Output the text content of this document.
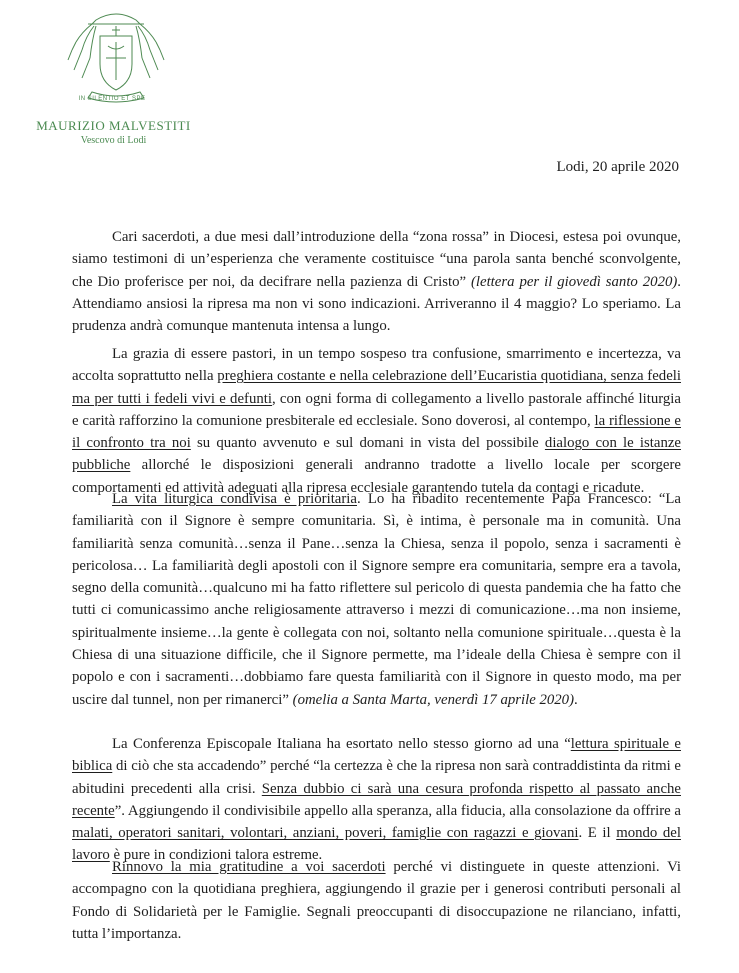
IN SILENTIO ET SPE
MAURIZIO MALVESTITI
Vescovo di Lodi
Lodi, 20 aprile 2020

Cari sacerdoti, a due mesi dall’introduzione della “zona rossa” in Diocesi, estesa poi ovunque, siamo testimoni di un’esperienza che veramente costituisce “una parola santa benché sconvolgente, che Dio proferisce per noi, da decifrare nella pazienza di Cristo” (lettera per il giovedì santo 2020). Attendiamo ansiosi la ripresa ma non vi sono indicazioni. Arriveranno il 4 maggio? Lo speriamo. La prudenza andrà comunque mantenuta intensa a lungo.

La grazia di essere pastori, in un tempo sospeso tra confusione, smarrimento e incertezza, va accolta soprattutto nella preghiera costante e nella celebrazione dell’Eucaristia quotidiana, senza fedeli ma per tutti i fedeli vivi e defunti, con ogni forma di collegamento a livello pastorale affinché liturgia e carità rafforzino la comunione presbiterale ed ecclesiale. Sono doverosi, al contempo, la riflessione e il confronto tra noi su quanto avvenuto e sul domani in vista del possibile dialogo con le istanze pubbliche allorché le disposizioni generali andranno tradotte a livello locale per scorgere comportamenti ed attività adeguati alla ripresa ecclesiale garantendo tutela da contagi e ricadute.

La vita liturgica condivisa è prioritaria. Lo ha ribadito recentemente Papa Francesco: “La familiarità con il Signore è sempre comunitaria. Sì, è intima, è personale ma in comunità. Una familiarità senza comunità…senza il Pane…senza la Chiesa, senza il popolo, senza i sacramenti è pericolosa… La familiarità degli apostoli con il Signore sempre era comunitaria, sempre era a tavola, segno della comunità…qualcuno mi ha fatto riflettere sul pericolo di questa pandemia che ha fatto che tutti ci comunicassimo anche religiosamente attraverso i mezzi di comunicazione…ma non insieme, spiritualmente insieme…la gente è collegata con noi, soltanto nella comunione spirituale…questa è la Chiesa di una situazione difficile, che il Signore permette, ma l’ideale della Chiesa è sempre con il popolo e con i sacramenti…dobbiamo fare questa familiarità con il Signore in questo modo, ma per uscire dal tunnel, non per rimanerci” (omelia a Santa Marta, venerdì 17 aprile 2020).

La Conferenza Episcopale Italiana ha esortato nello stesso giorno ad una “lettura spirituale e biblica di ciò che sta accadendo” perché “la certezza è che la ripresa non sarà contraddistinta da ritmi e abitudini precedenti alla crisi. Senza dubbio ci sarà una cesura profonda rispetto al passato anche recente”. Aggiungendo il condivisibile appello alla speranza, alla fiducia, alla consolazione da offrire a malati, operatori sanitari, volontari, anziani, poveri, famiglie con ragazzi e giovani. E il mondo del lavoro è pure in condizioni talora estreme.

Rinnovo la mia gratitudine a voi sacerdoti perché vi distinguete in queste attenzioni. Vi accompagno con la quotidiana preghiera, aggiungendo il grazie per i generosi contributi personali al Fondo di Solidarietà per le Famiglie. Segnali preoccupanti di disoccupazione ne rilanciano, infatti, tutta l’importanza.
